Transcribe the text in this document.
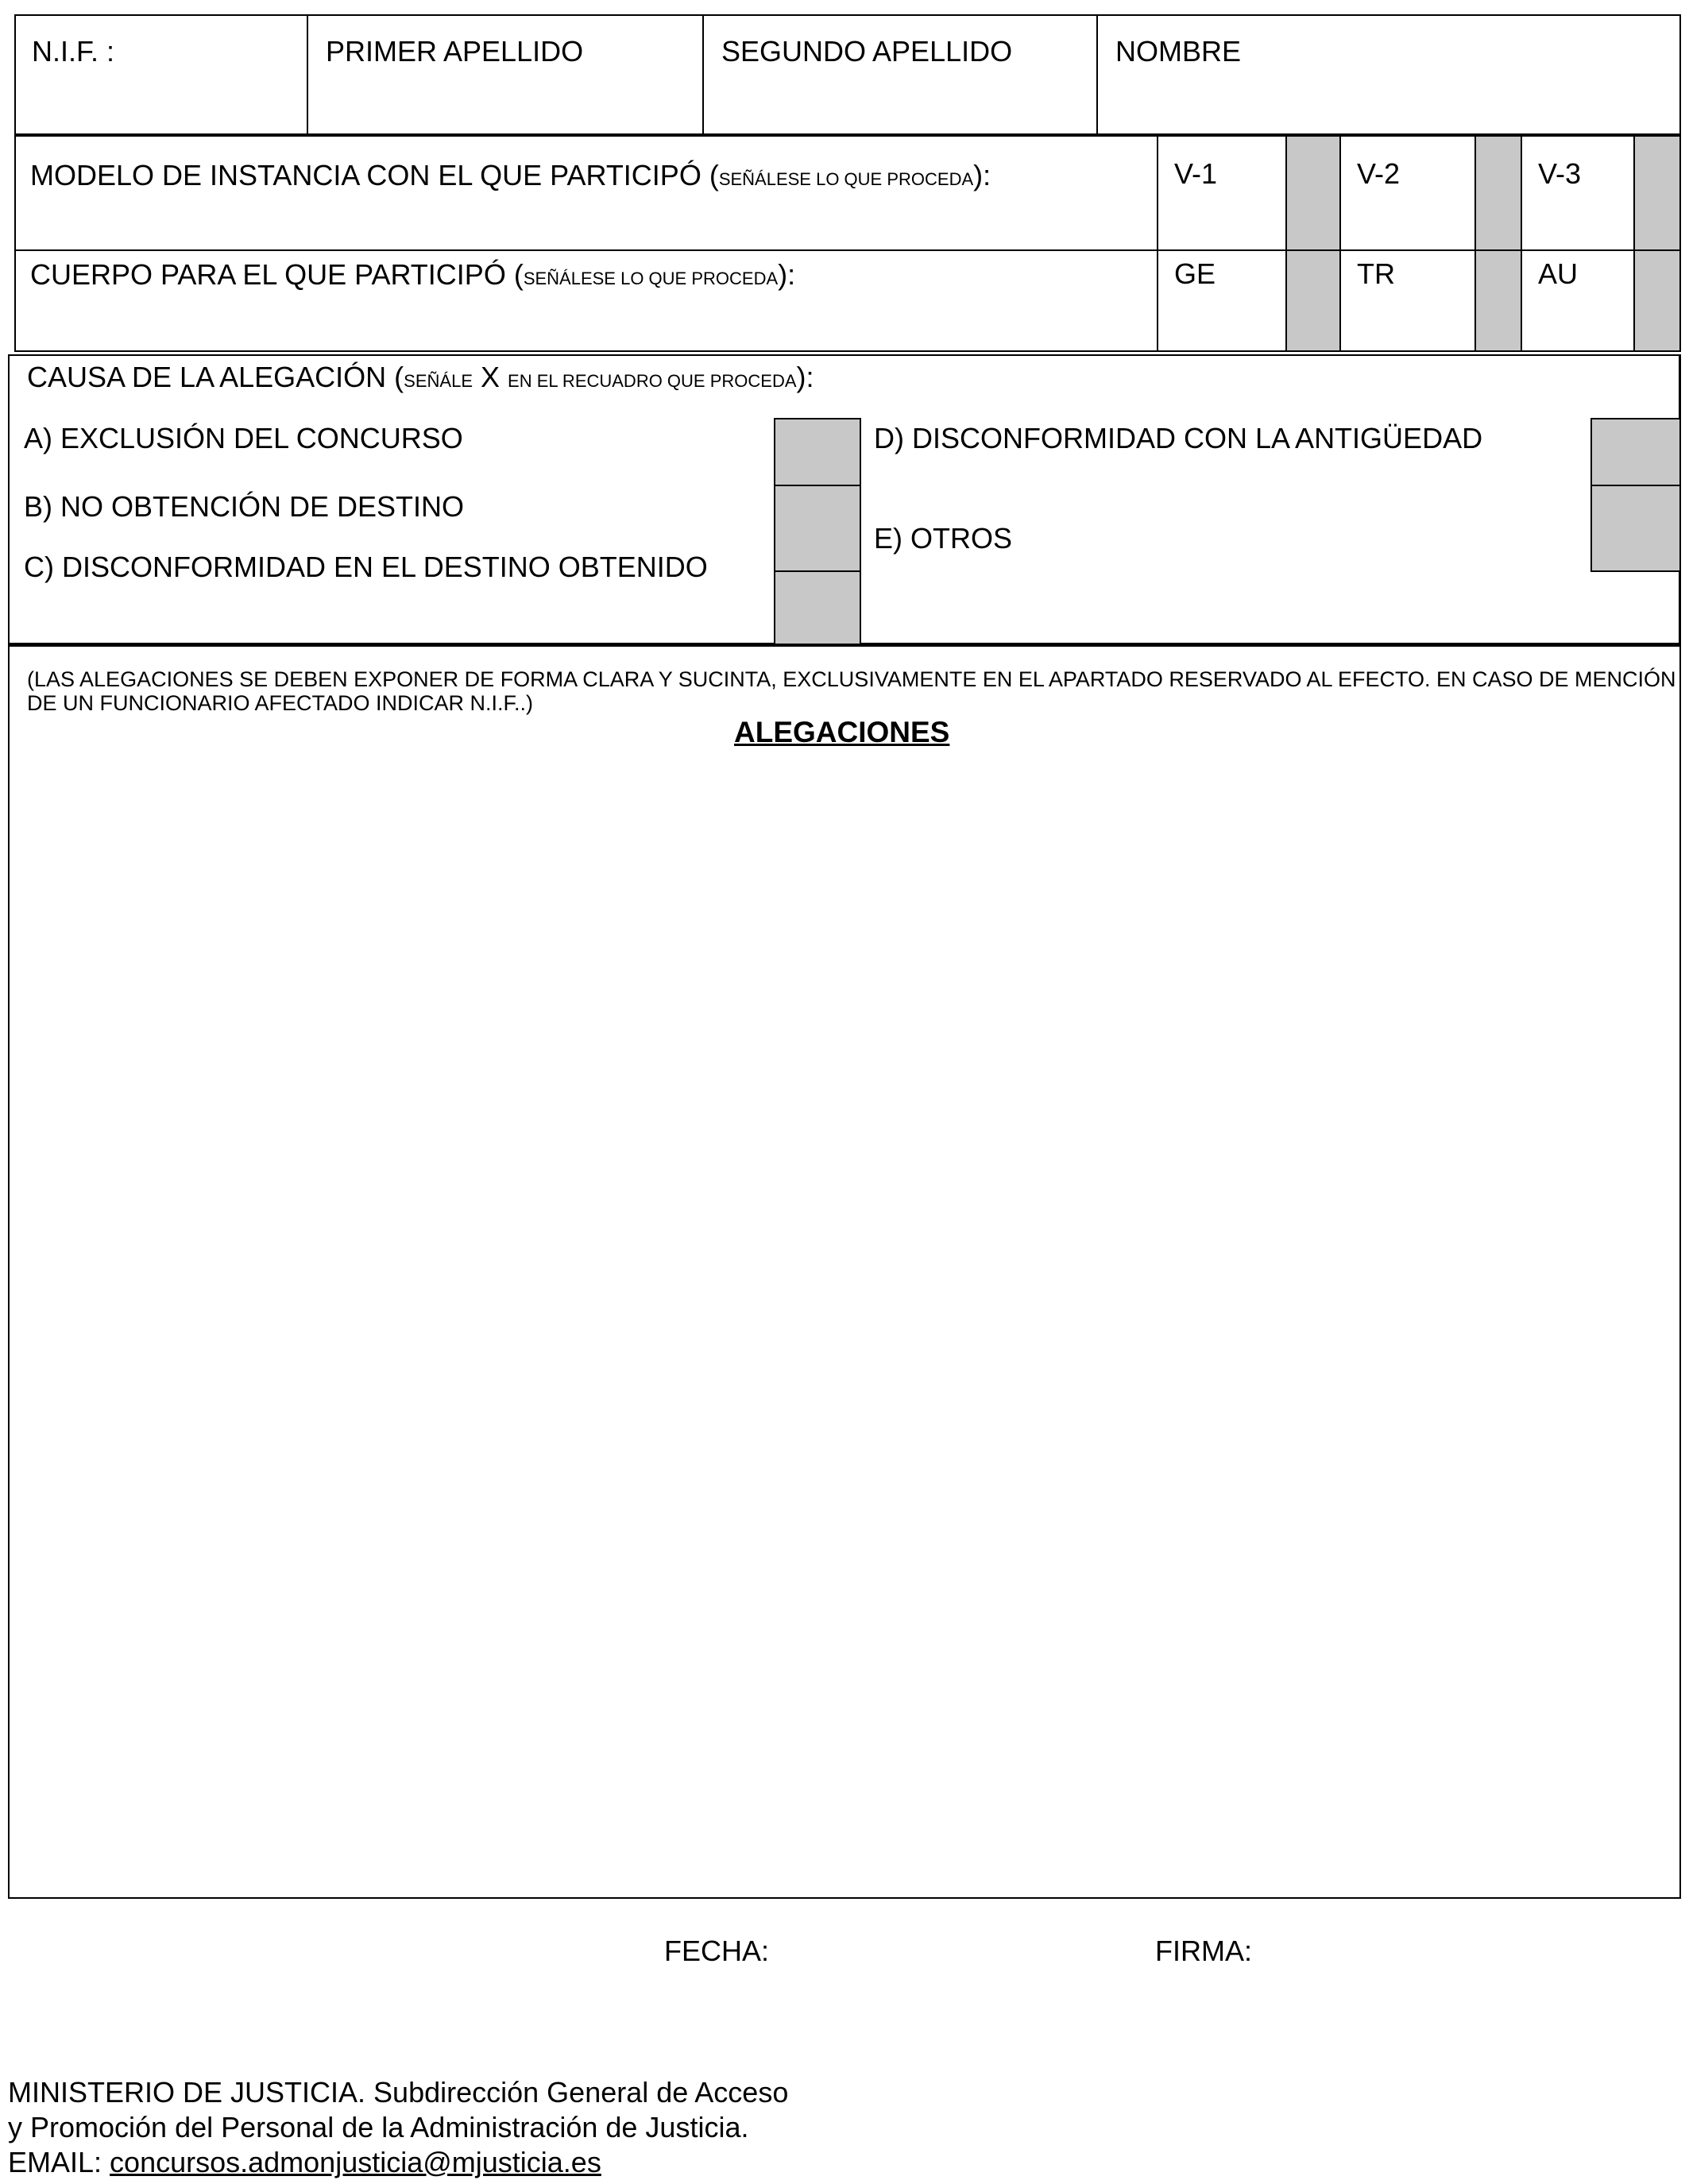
N.I.F. :	PRIMER APELLIDO	SEGUNDO APELLIDO	NOMBRE
MODELO DE INSTANCIA CON EL QUE PARTICIPÓ (SEÑÁLESE LO QUE PROCEDA):	V-1	V-2	V-3
CUERPO PARA EL QUE PARTICIPÓ (SEÑÁLESE LO QUE PROCEDA):	GE	TR	AU
CAUSA DE LA ALEGACIÓN (SEÑÁLE X EN EL RECUADRO QUE PROCEDA):
A) EXCLUSIÓN DEL CONCURSO
B) NO OBTENCIÓN DE DESTINO
C) DISCONFORMIDAD EN EL DESTINO OBTENIDO
D) DISCONFORMIDAD CON LA ANTIGÜEDAD
E) OTROS
(LAS ALEGACIONES SE DEBEN EXPONER DE FORMA CLARA Y SUCINTA, EXCLUSIVAMENTE EN EL APARTADO RESERVADO AL EFECTO. EN CASO DE MENCIÓN
DE UN FUNCIONARIO AFECTADO INDICAR N.I.F..)
ALEGACIONES
FECHA:	FIRMA:
MINISTERIO DE JUSTICIA. Subdirección General de Acceso
y Promoción del Personal de la Administración de Justicia.
EMAIL: concursos.admonjusticia@mjusticia.es
